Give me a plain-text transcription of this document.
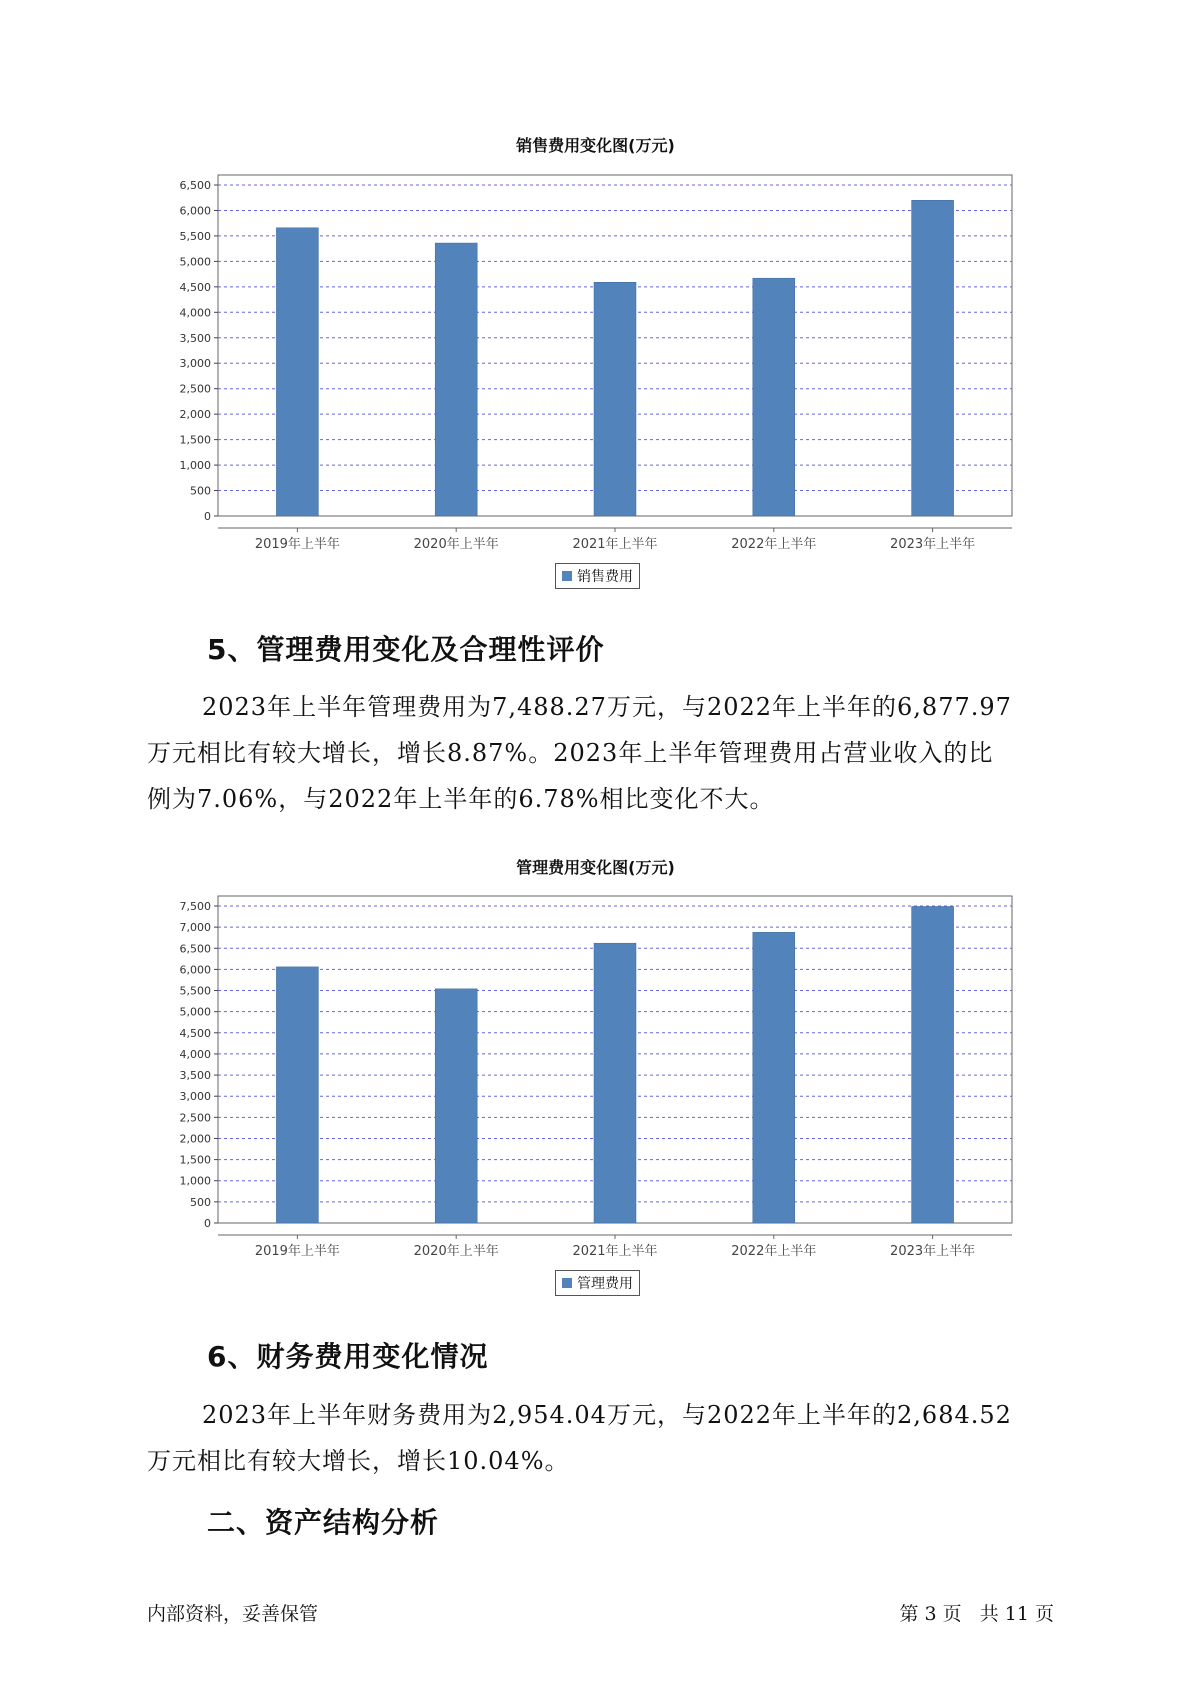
销售费用变化图(万元)
6,500
6,000
5,500
5,000
4,500
4,000
3,500
3,000
2,500
2,000
1,500
1,000
500
0
2019年上半年	2020年上半年	2021年上半年	2022年上半年	2023年上半年
销售费用
5、管理费用变化及合理性评价
2023年上半年管理费用为7,488.27万元，与2022年上半年的6,877.97
万元相比有较大增长，增长8.87%。2023年上半年管理费用占营业收入的比
例为7.06%，与2022年上半年的6.78%相比变化不大。
管理费用变化图(万元)
7,500
7,000
6,500
6,000
5,500
5,000
4,500
4,000
3,500
3,000
2,500
2,000
1,500
1,000
500
0
2019年上半年	2020年上半年	2021年上半年	2022年上半年	2023年上半年
管理费用
6、财务费用变化情况
2023年上半年财务费用为2,954.04万元，与2022年上半年的2,684.52
万元相比有较大增长，增长10.04%。
二、资产结构分析
内部资料，妥善保管	第 3 页   共 11 页
